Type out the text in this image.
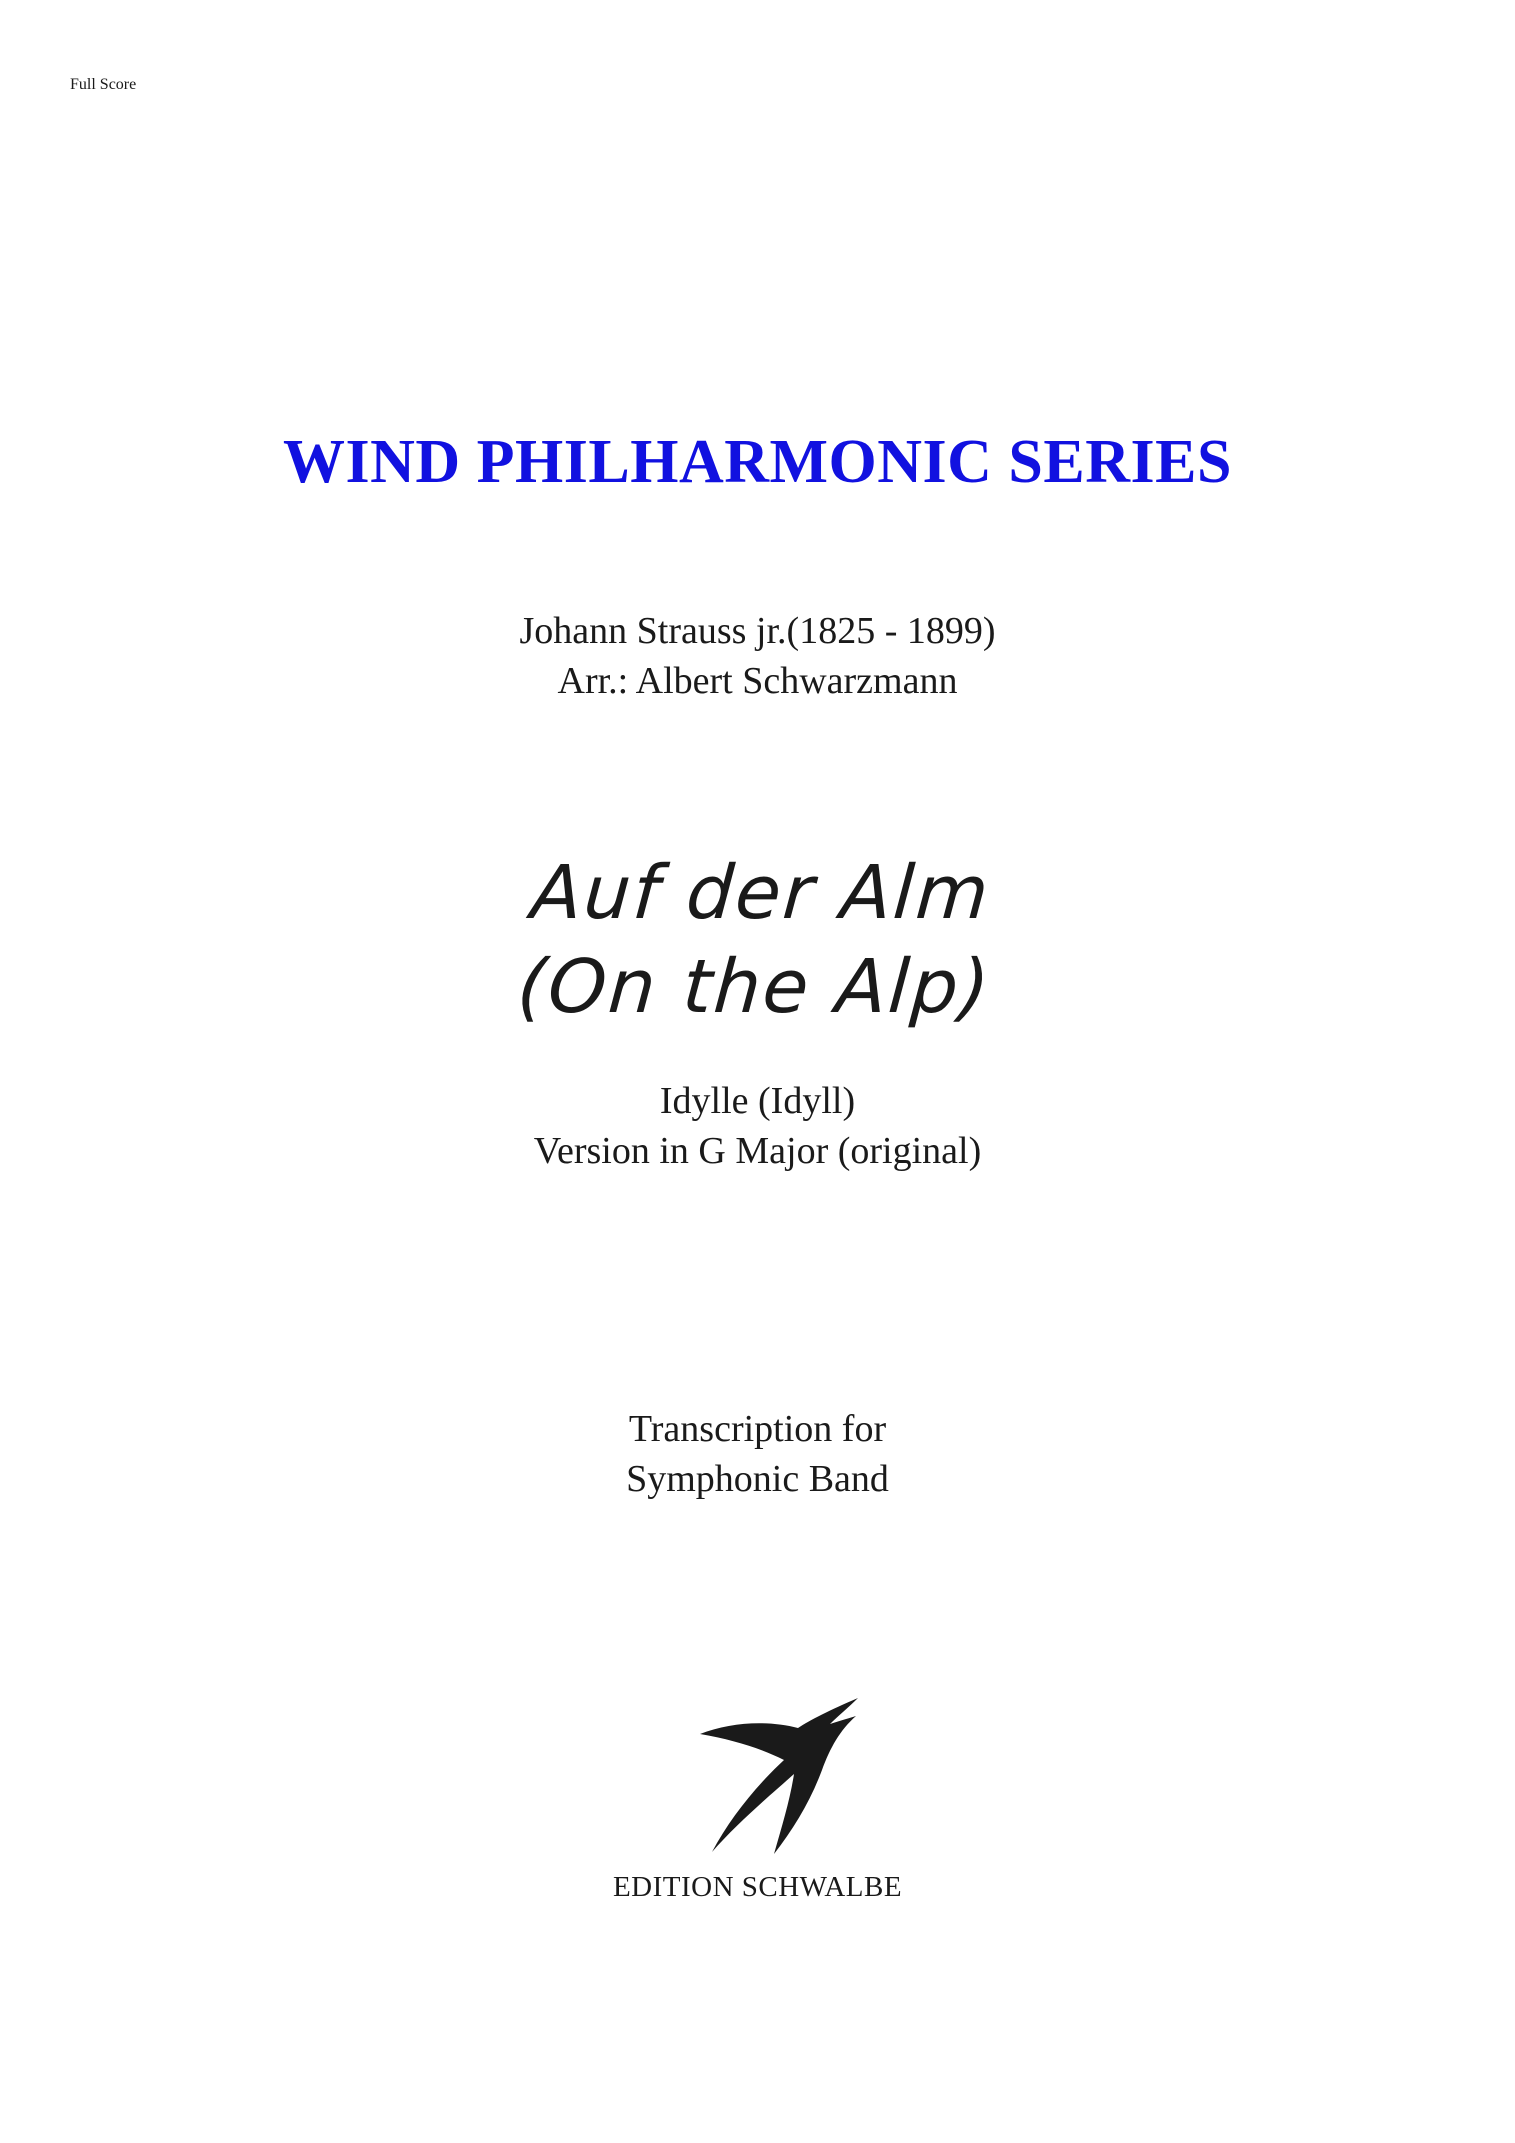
Full Score
WIND PHILHARMONIC SERIES
Johann Strauss jr.(1825 - 1899)
Arr.: Albert Schwarzmann
Auf der Alm
(On the Alp)
Idylle (Idyll)
Version in G Major (original)
Transcription for
Symphonic Band
EDITION SCHWALBE
